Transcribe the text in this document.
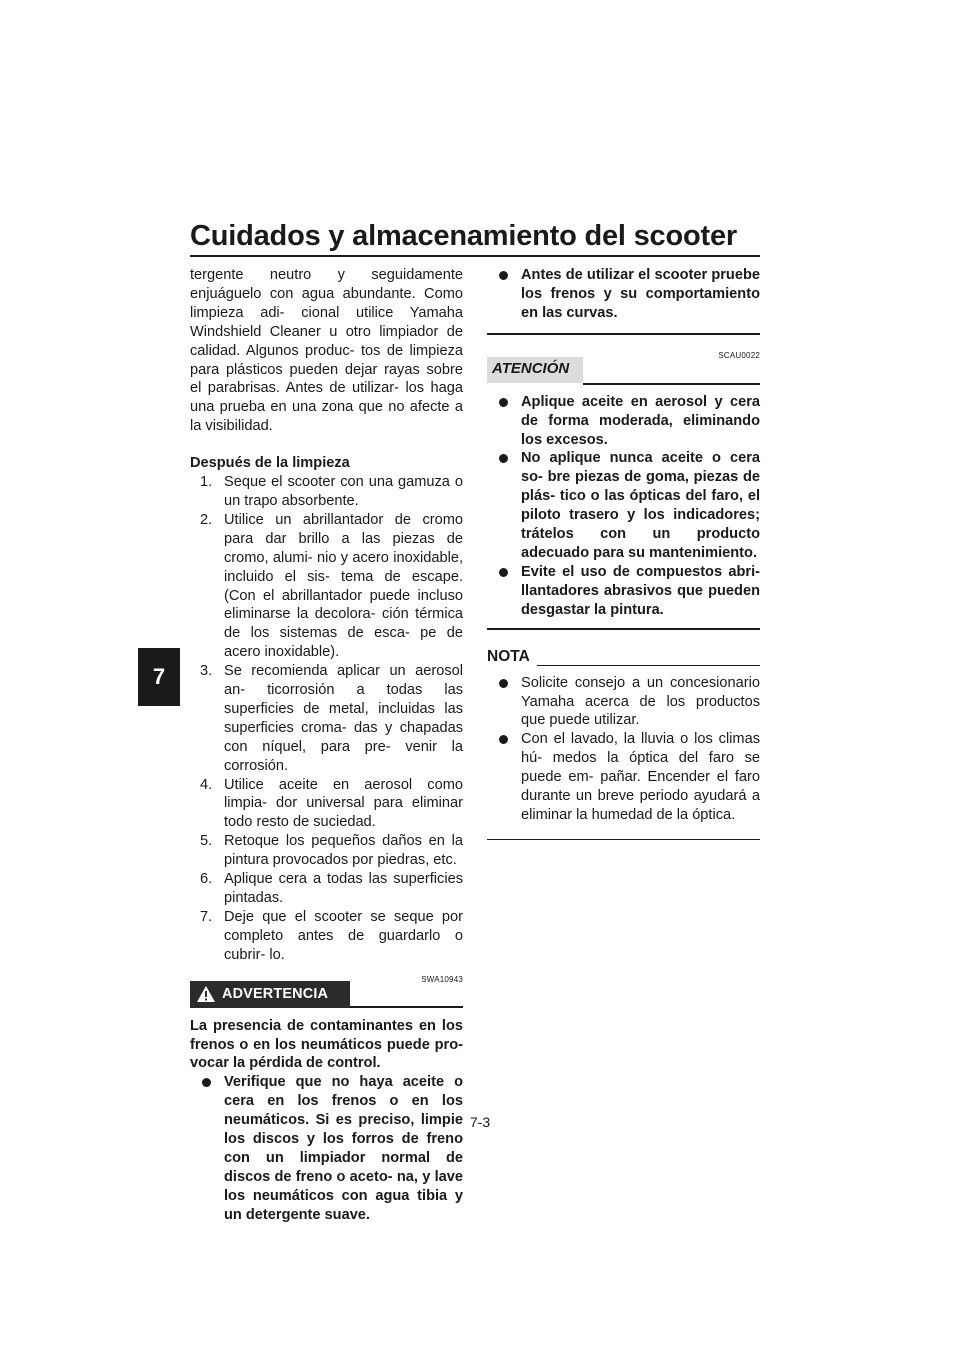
Cuidados y almacenamiento del scooter
7

tergente neutro y seguidamente enjuáguelo con agua abundante. Como limpieza adi- cional utilice Yamaha Windshield Cleaner u otro limpiador de calidad. Algunos produc- tos de limpieza para plásticos pueden dejar rayas sobre el parabrisas. Antes de utilizar- los haga una prueba en una zona que no afecte a la visibilidad.

Después de la limpieza

1. Seque el scooter con una gamuza o un trapo absorbente.
2. Utilice un abrillantador de cromo para dar brillo a las piezas de cromo, alumi- nio y acero inoxidable, incluido el sis- tema de escape. (Con el abrillantador puede incluso eliminarse la decolora- ción térmica de los sistemas de esca- pe de acero inoxidable).
3. Se recomienda aplicar un aerosol an- ticorrosión a todas las superficies de metal, incluidas las superficies croma- das y chapadas con níquel, para pre- venir la corrosión.
4. Utilice aceite en aerosol como limpia- dor universal para eliminar todo resto de suciedad.
5. Retoque los pequeños daños en la pintura provocados por piedras, etc.
6. Aplique cera a todas las superficies pintadas.
7. Deje que el scooter se seque por completo antes de guardarlo o cubrir- lo.
SWA10943
ADVERTENCIA

La presencia de contaminantes en los frenos o en los neumáticos puede pro- vocar la pérdida de control.

Verifique que no haya aceite o cera en los frenos o en los neumáticos. Si es preciso, limpie los discos y los forros de freno con un limpiador normal de discos de freno o aceto- na, y lave los neumáticos con agua tibia y un detergente suave.
Antes de utilizar el scooter pruebe los frenos y su comportamiento en las curvas.
SCAU0022
ATENCIÓN
Aplique aceite en aerosol y cera de forma moderada, eliminando los excesos.
No aplique nunca aceite o cera so- bre piezas de goma, piezas de plás- tico o las ópticas del faro, el piloto trasero y los indicadores; trátelos con un producto adecuado para su mantenimiento.
Evite el uso de compuestos abri- llantadores abrasivos que pueden desgastar la pintura.
NOTA
Solicite consejo a un concesionario Yamaha acerca de los productos que puede utilizar.
Con el lavado, la lluvia o los climas hú- medos la óptica del faro se puede em- pañar. Encender el faro durante un breve periodo ayudará a eliminar la humedad de la óptica.
7-3
